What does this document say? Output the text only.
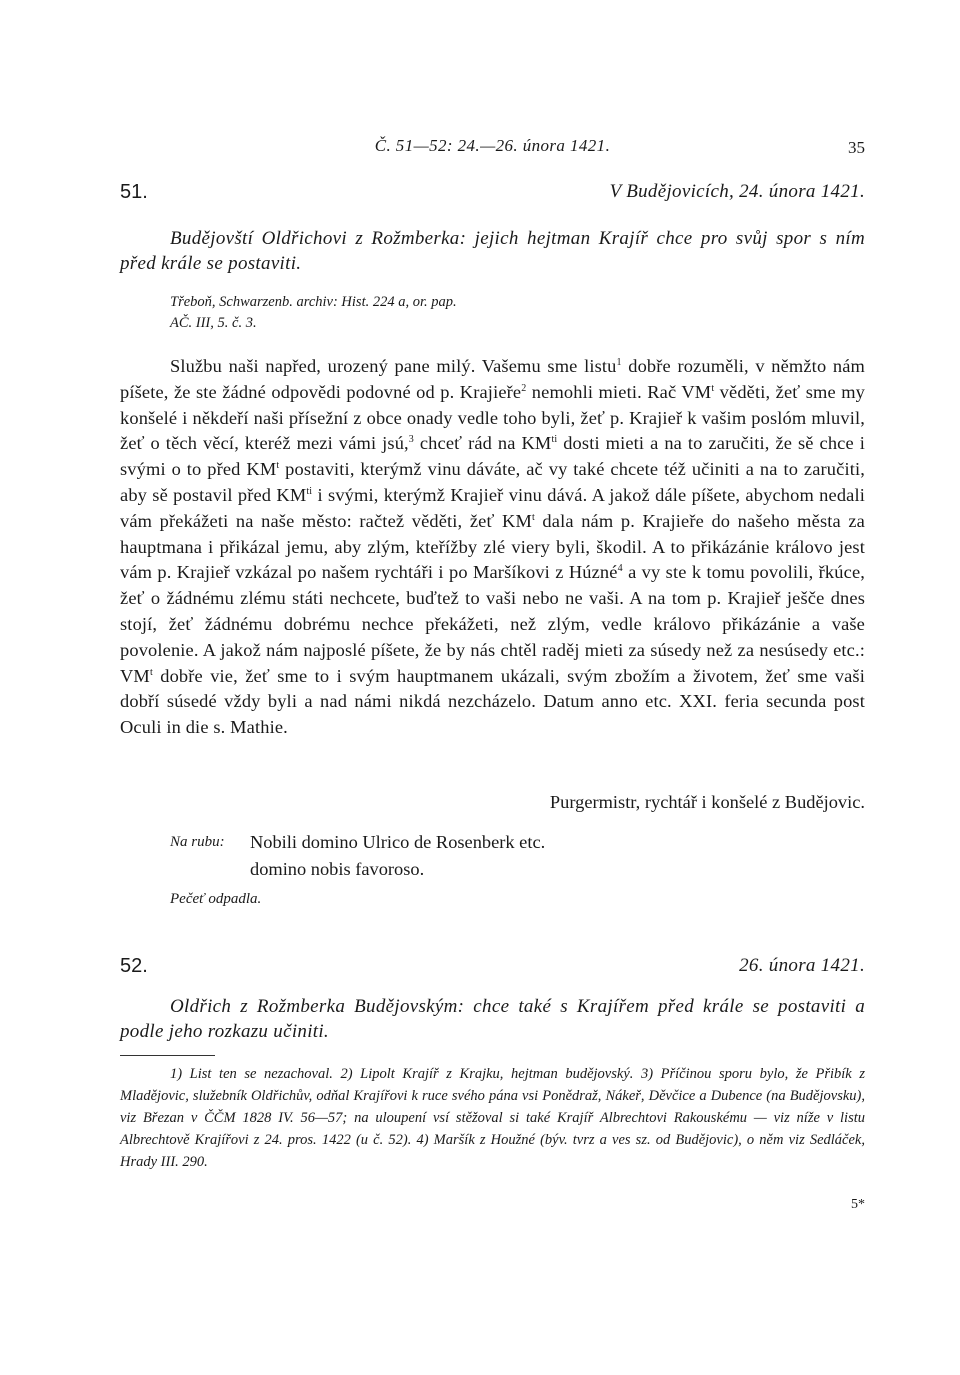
Č. 51—52: 24.—26. února 1421.	35
51.	V Budějovicích, 24. února 1421.
Budějovští Oldřichovi z Rožmberka: jejich hejtman Krajíř chce pro svůj spor s ním před krále se postaviti.
Třeboň, Schwarzenb. archiv: Hist. 224 a, or. pap.
AČ. III, 5. č. 3.
Službu naši napřed, urozený pane milý. Vašemu sme listu$^1$ dobře rozuměli, v němžto nám píšete, že ste žádné odpovědi podovné od p. Krajieře$^2$ nemohli mieti. Rač $VM^t$ věděti, žeť sme my konšelé i někdeří naši přísežní z obce onady vedle toho byli, žeť p. Krajieř k vašim poslóm mluvil, žeť o těch věcí, kteréž mezi vámi jsú,$^3$ chceť rád na $KM^{ti}$ dosti mieti a na to zaručiti, že sě chce i svými o to před $KM^t$ postaviti, kterýmž vinu dáváte, ač vy také chcete též učiniti a na to zaručiti, aby sě postavil před $KM^{ti}$ i svými, kterýmž Krajieř vinu dává. A jakož dále píšete, abychom nedali vám překážeti na naše město: račtež věděti, žeť $KM^t$ dala nám p. Krajieře do našeho města za hauptmana i přikázal jemu, aby zlým, kteřížby zlé viery byli, škodil. A to přikázánie královo jest vám p. Krajieř vzkázal po našem rychtáři i po Maršíkovi z Húzné$^4$ a vy ste k tomu povolili, řkúce, žeť o žádnému zlému státi nechcete, buďtež to vaši nebo ne vaši. A na tom p. Krajieř ješče dnes stojí, žeť žádnému dobrému nechce překážeti, než zlým, vedle královo přikázánie a vaše povolenie. A jakož nám najposlé píšete, že by nás chtěl raděj mieti za súsedy než za nesúsedy etc.: $VM^t$ dobře vie, žeť sme to i svým hauptmanem ukázali, svým zbožím a životem, žeť sme vaši dobří súsedé vždy byli a nad námi nikdá nezcházelo. Datum anno etc. XXI. feria secunda post Oculi in die s. Mathie.
Purgermistr, rychtář i konšelé z Budějovic.
Na rubu: Nobili domino Ulrico de Rosenberk etc.
domino nobis favoroso.
Pečeť odpadla.
52.	26. února 1421.
Oldřich z Rožmberka Budějovským: chce také s Krajířem před krále se postaviti a podle jeho rozkazu učiniti.
1) List ten se nezachoval. 2) Lipolt Krajíř z Krajku, hejtman budějovský. 3) Příčinou sporu bylo, že Přibík z Mladějovic, služebník Oldřichův, odňal Krajířovi k ruce svého pána vsi Ponědraž, Nákeř, Děvčice a Dubence (na Budějovsku), viz Březan v ČČM 1828 IV. 56—57; na uloupení vsí stěžoval si také Krajíř Albrechtovi Rakouskému — viz níže v listu Albrechtově Krajířovi z 24. pros. 1422 (u č. 52). 4) Maršík z Houžné (býv. tvrz a ves sz. od Budějovic), o něm viz Sedláček, Hrady III. 290.
5*
